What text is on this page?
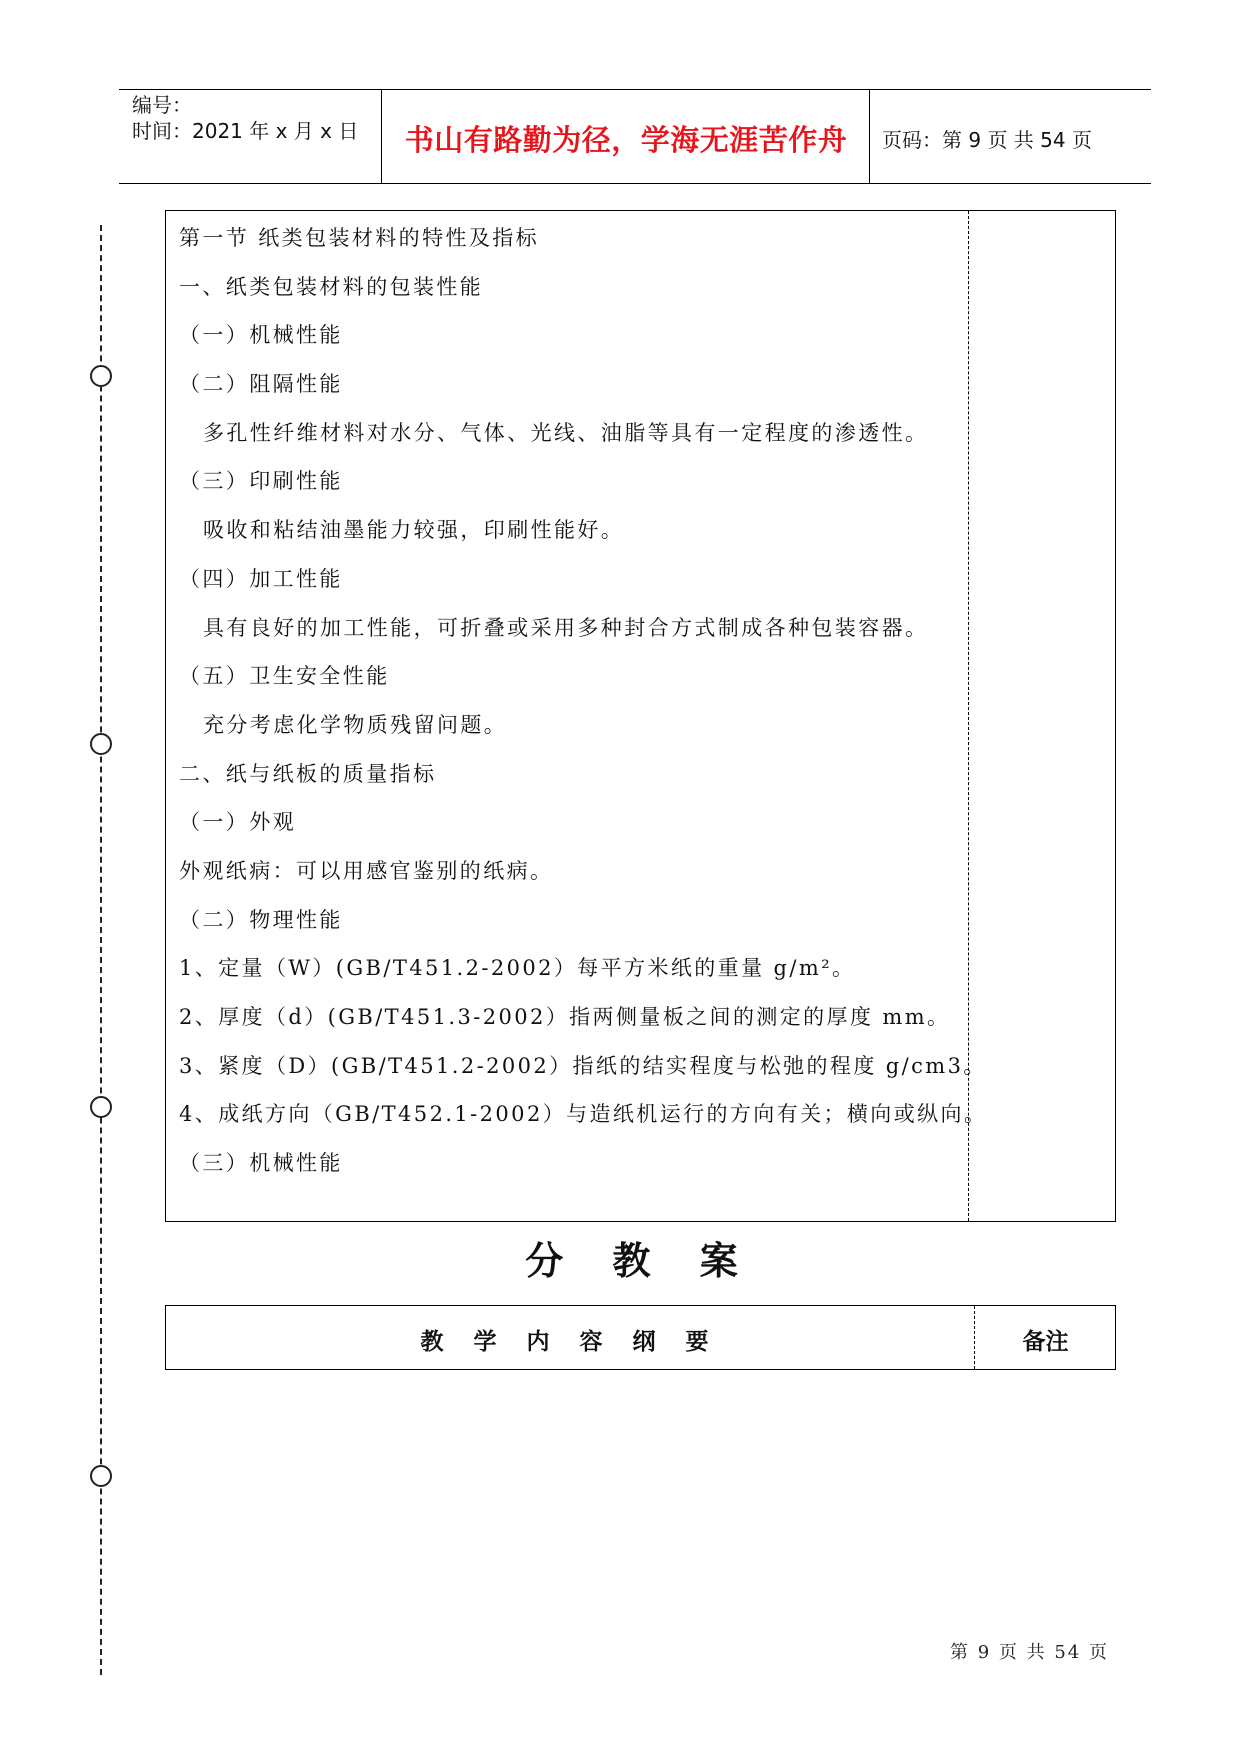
编号：
时间：2021 年 x 月 x 日	书山有路勤为径，学海无涯苦作舟	页码：第 9 页 共 54 页
第一节 纸类包装材料的特性及指标
一、纸类包装材料的包装性能
（一）机械性能
（二）阻隔性能
多孔性纤维材料对水分、气体、光线、油脂等具有一定程度的渗透性。
（三）印刷性能
吸收和粘结油墨能力较强，印刷性能好。
（四）加工性能
具有良好的加工性能，可折叠或采用多种封合方式制成各种包装容器。
（五）卫生安全性能
充分考虑化学物质残留问题。
二、纸与纸板的质量指标
（一）外观
外观纸病：可以用感官鉴别的纸病。
（二）物理性能
1、定量（W）(GB/T451.2-2002）每平方米纸的重量 g/m²。
2、厚度（d）(GB/T451.3-2002）指两侧量板之间的测定的厚度 mm。
3、紧度（D）(GB/T451.2-2002）指纸的结实程度与松弛的程度 g/cm3。
4、成纸方向（GB/T452.1-2002）与造纸机运行的方向有关；横向或纵向。
（三）机械性能
分 教 案
教 学 内 容 纲 要	备注
第 9 页 共 54 页
